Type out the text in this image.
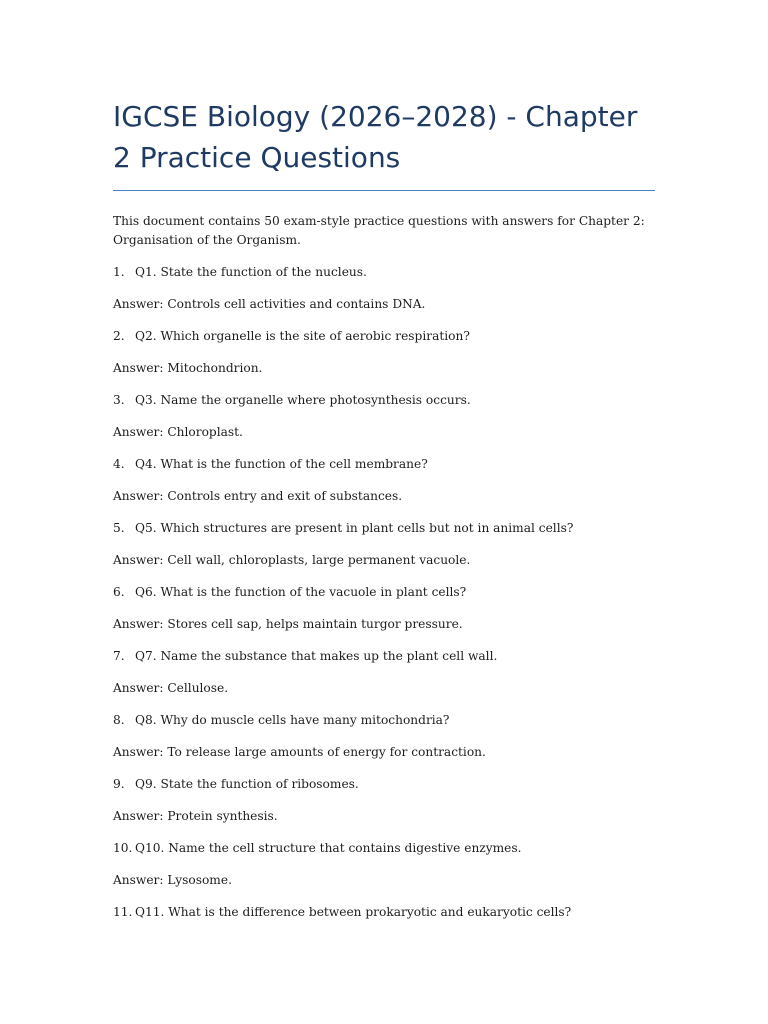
IGCSE Biology (2026–2028) - Chapter 2 Practice Questions

This document contains 50 exam-style practice questions with answers for Chapter 2: Organisation of the Organism.

1. Q1. State the function of the nucleus.
Answer: Controls cell activities and contains DNA.
2. Q2. Which organelle is the site of aerobic respiration?
Answer: Mitochondrion.
3. Q3. Name the organelle where photosynthesis occurs.
Answer: Chloroplast.
4. Q4. What is the function of the cell membrane?
Answer: Controls entry and exit of substances.
5. Q5. Which structures are present in plant cells but not in animal cells?
Answer: Cell wall, chloroplasts, large permanent vacuole.
6. Q6. What is the function of the vacuole in plant cells?
Answer: Stores cell sap, helps maintain turgor pressure.
7. Q7. Name the substance that makes up the plant cell wall.
Answer: Cellulose.
8. Q8. Why do muscle cells have many mitochondria?
Answer: To release large amounts of energy for contraction.
9. Q9. State the function of ribosomes.
Answer: Protein synthesis.
10. Q10. Name the cell structure that contains digestive enzymes.
Answer: Lysosome.
11. Q11. What is the difference between prokaryotic and eukaryotic cells?
